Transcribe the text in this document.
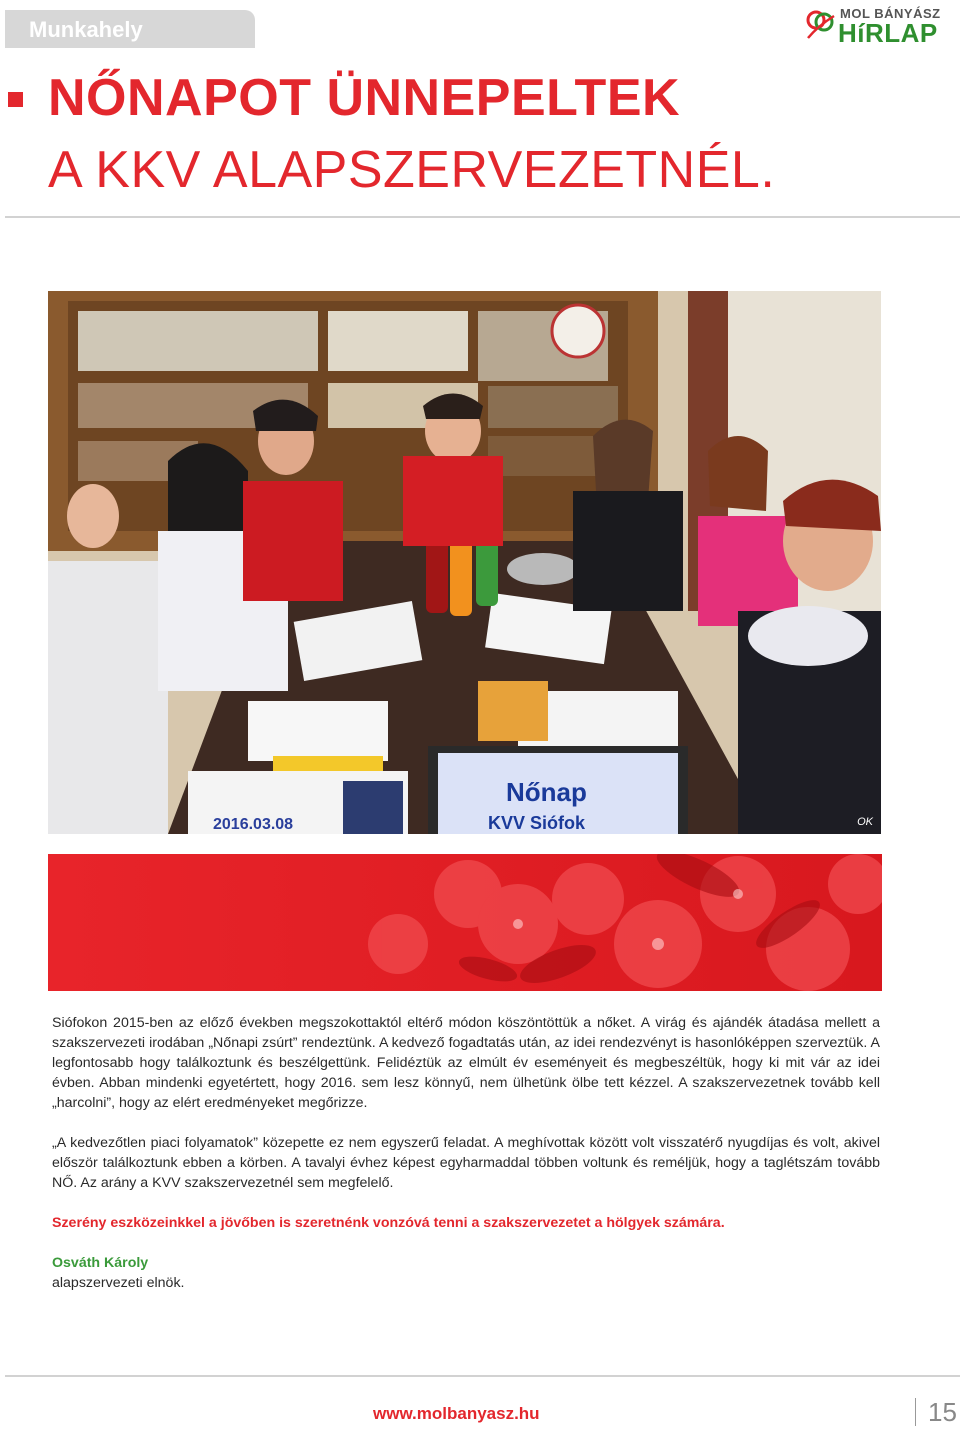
Munkahely
MOL BÁNYÁSZ
HíRLAP
NŐNAPOT ÜNNEPELTEK
A KKV ALAPSZERVEZETNÉL.
2016.03.08
Nőnap
KVV Siófok	OK

Siófokon 2015-ben az előző években megszokottaktól eltérő módon köszöntöttük a nőket. A virág és ajándék átadása mellett a szakszervezeti irodában „Nőnapi zsúrt” rendeztünk. A kedvező fogadtatás után, az idei rendezvényt is hasonlóképpen szerveztük. A legfontosabb hogy találkoztunk és beszélgettünk. Felidéztük az elmúlt év eseményeit és megbeszéltük, hogy ki mit vár az idei évben. Abban mindenki egyetértett, hogy 2016. sem lesz könnyű, nem ülhetünk ölbe tett kézzel. A szakszervezetnek tovább kell „harcolni”, hogy az elért eredményeket megőrizze.

„A kedvezőtlen piaci folyamatok” közepette ez nem egyszerű feladat. A meghívottak között volt visszatérő nyugdíjas és volt, akivel először találkoztunk ebben a körben. A tavalyi évhez képest egyharmaddal többen voltunk és reméljük, hogy a taglétszám tovább NŐ. Az arány a KVV szakszervezetnél sem megfelelő.

Szerény eszközeinkkel a jövőben is szeretnénk vonzóvá tenni a szakszervezetet a hölgyek számára.

Osváth Károly
alapszervezeti elnök.

www.molbanyasz.hu	15
